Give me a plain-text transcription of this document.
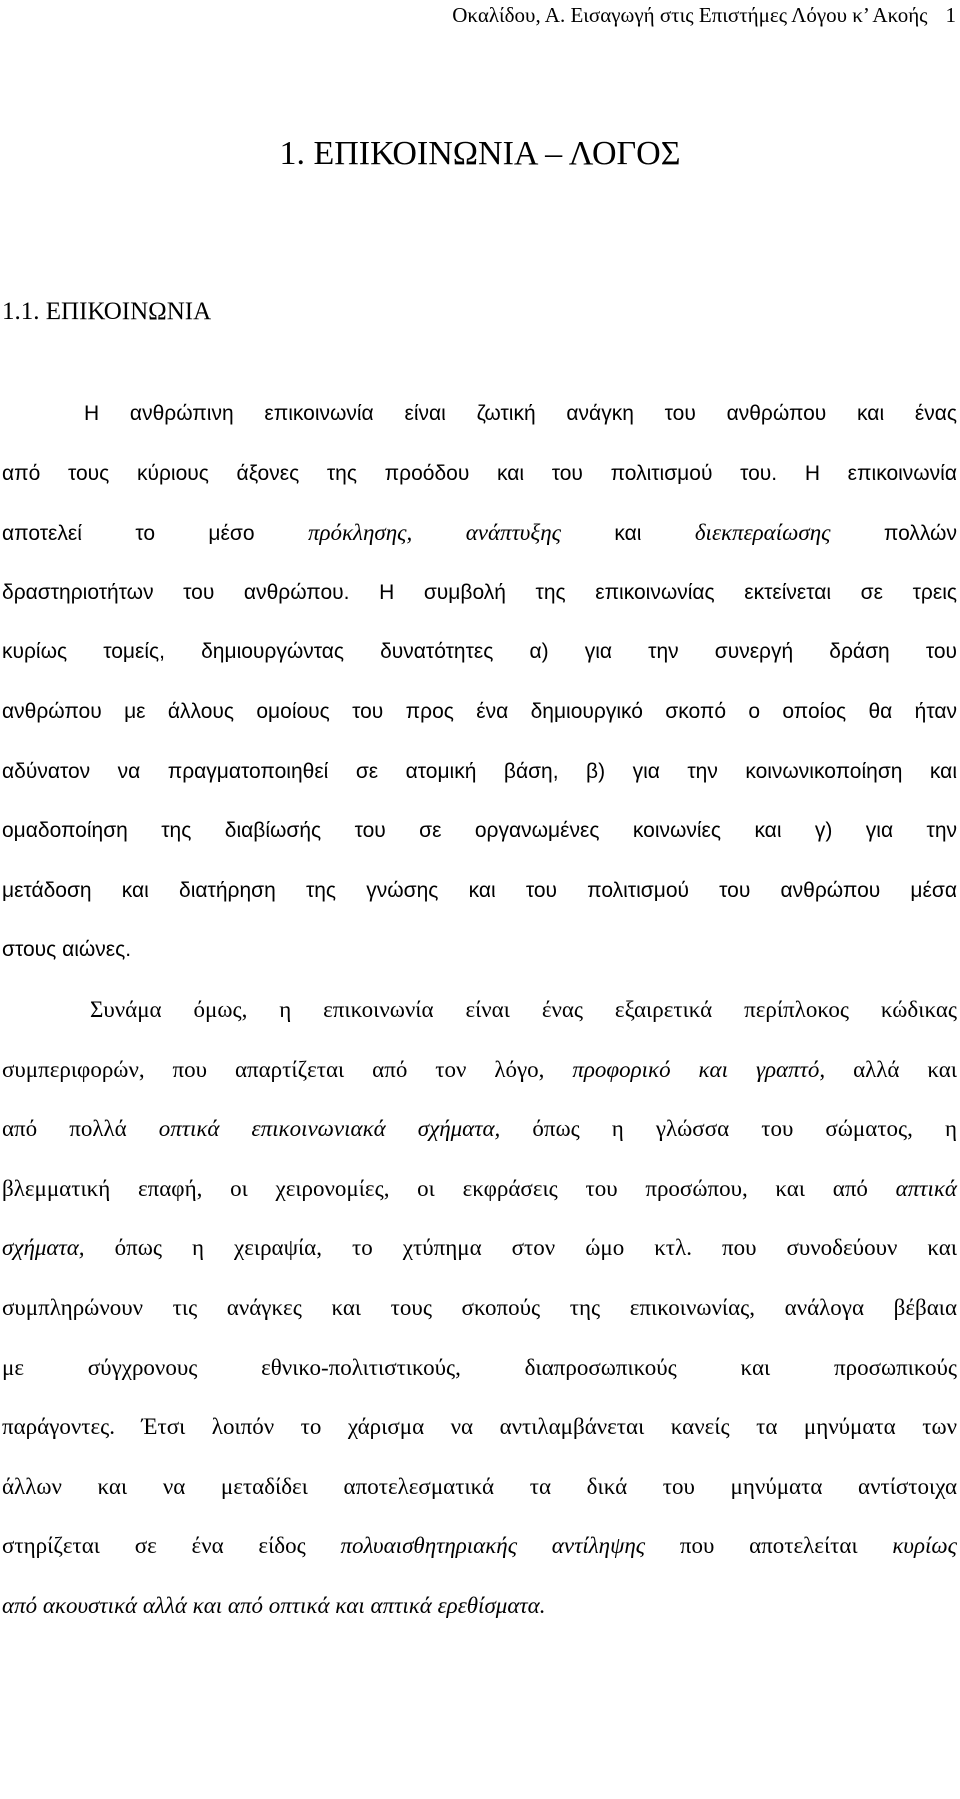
Οκαλίδου, Α. Εισαγωγή στις Επιστήμες Λόγου κ’ Ακοής 1
1. ΕΠΙΚΟΙΝΩΝΙΑ – ΛΟΓΟΣ
1.1. ΕΠΙΚΟΙΝΩΝΙΑ
Η ανθρώπινη επικοινωνία είναι ζωτική ανάγκη του ανθρώπου και ένας
από τους κύριους άξονες της προόδου και του πολιτισμού του. Η επικοινωνία
αποτελεί το μέσο πρόκλησης, ανάπτυξης	και διεκπεραίωσης	πολλών
δραστηριοτήτων του ανθρώπου. Η συμβολή της επικοινωνίας εκτείνεται σε τρεις
κυρίως τομείς, δημιουργώντας δυνατότητες α) για την συνεργή δράση του
ανθρώπου με άλλους ομοίους του προς ένα δημιουργικό σκοπό ο οποίος θα ήταν
αδύνατον να πραγματοποιηθεί σε ατομική βάση, β) για την κοινωνικοποίηση και
ομαδοποίηση της διαβίωσής του σε οργανωμένες κοινωνίες και γ) για την
μετάδοση και διατήρηση της γνώσης και του πολιτισμού του ανθρώπου μέσα
στους αιώνες.
Συνάμα όμως, η επικοινωνία είναι ένας εξαιρετικά περίπλοκος κώδικας
συμπεριφορών, που απαρτίζεται από τον λόγο, προφορικό και γραπτό, αλλά και
από πολλά οπτικά επικοινωνιακά σχήματα, όπως η γλώσσα του σώματος, η
βλεμματική επαφή, οι χειρονομίες, οι εκφράσεις του προσώπου, και από απτικά
σχήματα, όπως η χειραψία, το χτύπημα στον ώμο κτλ. που συνοδεύουν και
συμπληρώνουν τις ανάγκες και τους σκοπούς της επικοινωνίας, ανάλογα βέβαια
με σύγχρονους εθνικο-πολιτιστικούς, διαπροσωπικούς και προσωπικούς
παράγοντες. Έτσι λοιπόν το χάρισμα να αντιλαμβάνεται κανείς τα μηνύματα των
άλλων και να μεταδίδει αποτελεσματικά τα δικά του μηνύματα αντίστοιχα
στηρίζεται σε ένα είδος πολυαισθητηριακής αντίληψης που αποτελείται κυρίως
από ακουστικά αλλά και από οπτικά και απτικά ερεθίσματα.
